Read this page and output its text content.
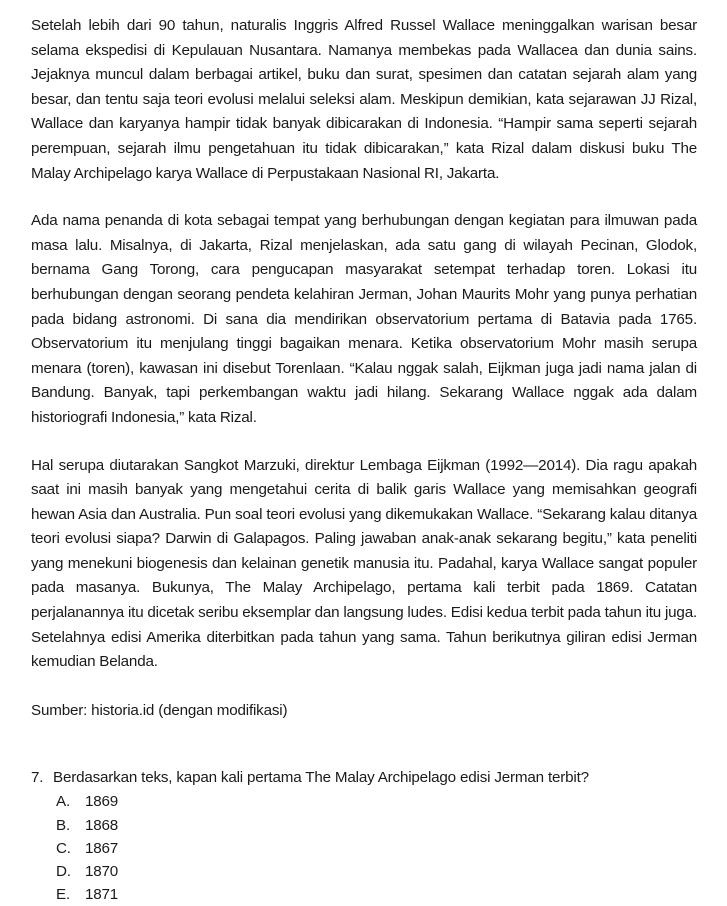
Setelah lebih dari 90 tahun, naturalis Inggris Alfred Russel Wallace meninggalkan warisan besar selama ekspedisi di Kepulauan Nusantara. Namanya membekas pada Wallacea dan dunia sains. Jejaknya muncul dalam berbagai artikel, buku dan surat, spesimen dan catatan sejarah alam yang besar, dan tentu saja teori evolusi melalui seleksi alam. Meskipun demikian, kata sejarawan JJ Rizal, Wallace dan karyanya hampir tidak banyak dibicarakan di Indonesia. “Hampir sama seperti sejarah perempuan, sejarah ilmu pengetahuan itu tidak dibicarakan,” kata Rizal dalam diskusi buku The Malay Archipelago karya Wallace di Perpustakaan Nasional RI, Jakarta.

Ada nama penanda di kota sebagai tempat yang berhubungan dengan kegiatan para ilmuwan pada masa lalu. Misalnya, di Jakarta, Rizal menjelaskan, ada satu gang di wilayah Pecinan, Glodok, bernama Gang Torong, cara pengucapan masyarakat setempat terhadap toren. Lokasi itu berhubungan dengan seorang pendeta kelahiran Jerman, Johan Maurits Mohr yang punya perhatian pada bidang astronomi. Di sana dia mendirikan observatorium pertama di Batavia pada 1765. Observatorium itu menjulang tinggi bagaikan menara. Ketika observatorium Mohr masih serupa menara (toren), kawasan ini disebut Torenlaan. “Kalau nggak salah, Eijkman juga jadi nama jalan di Bandung. Banyak, tapi perkembangan waktu jadi hilang. Sekarang Wallace nggak ada dalam historiografi Indonesia,” kata Rizal.

Hal serupa diutarakan Sangkot Marzuki, direktur Lembaga Eijkman (1992—2014). Dia ragu apakah saat ini masih banyak yang mengetahui cerita di balik garis Wallace yang memisahkan geografi hewan Asia dan Australia. Pun soal teori evolusi yang dikemukakan Wallace. “Sekarang kalau ditanya teori evolusi siapa? Darwin di Galapagos. Paling jawaban anak-anak sekarang begitu,” kata peneliti yang menekuni biogenesis dan kelainan genetik manusia itu. Padahal, karya Wallace sangat populer pada masanya. Bukunya, The Malay Archipelago, pertama kali terbit pada 1869. Catatan perjalanannya itu dicetak seribu eksemplar dan langsung ludes. Edisi kedua terbit pada tahun itu juga. Setelahnya edisi Amerika diterbitkan pada tahun yang sama. Tahun berikutnya giliran edisi Jerman kemudian Belanda.

Sumber: historia.id (dengan modifikasi)

7. Berdasarkan teks, kapan kali pertama The Malay Archipelago edisi Jerman terbit?
A. 1869
B. 1868
C. 1867
D. 1870
E. 1871
